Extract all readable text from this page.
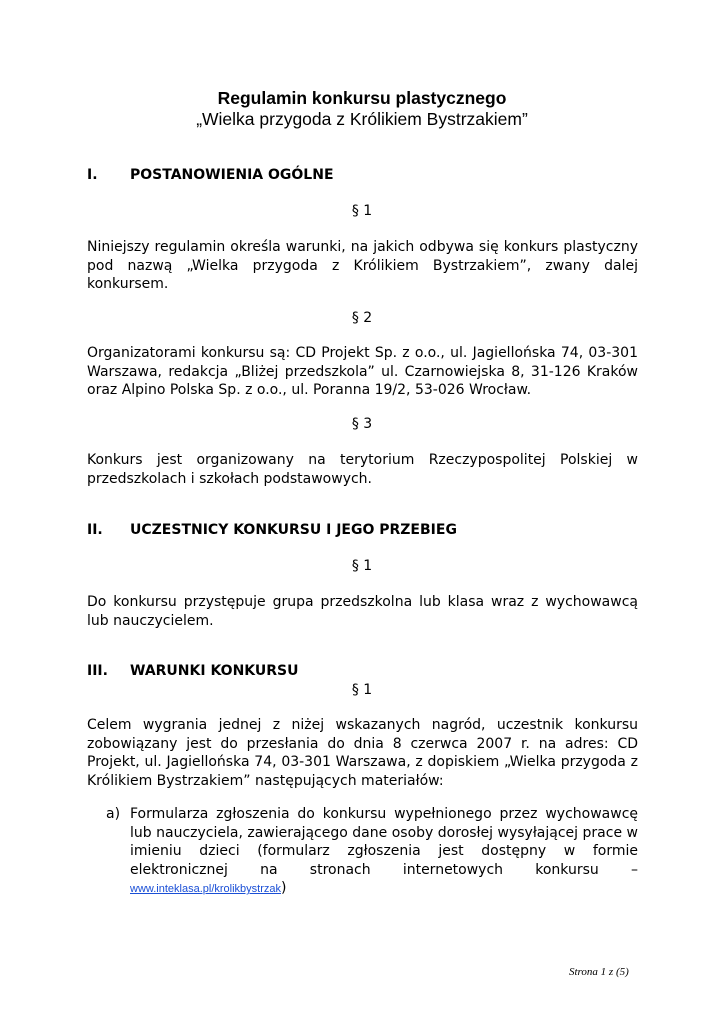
Regulamin konkursu plastycznego
„Wielka przygoda z Królikiem Bystrzakiem”
I. POSTANOWIENIA OGÓLNE
§ 1
Niniejszy regulamin określa warunki, na jakich odbywa się konkurs plastyczny pod nazwą „Wielka przygoda z Królikiem Bystrzakiem”, zwany dalej konkursem.
§ 2
Organizatorami konkursu są: CD Projekt Sp. z o.o., ul. Jagiellońska 74, 03-301 Warszawa, redakcja „Bliżej przedszkola” ul. Czarnowiejska 8, 31-126 Kraków oraz Alpino Polska Sp. z o.o., ul. Poranna 19/2, 53-026 Wrocław.
§ 3
Konkurs jest organizowany na terytorium Rzeczypospolitej Polskiej w przedszkolach i szkołach podstawowych.
II. UCZESTNICY KONKURSU I JEGO PRZEBIEG
§ 1
Do konkursu przystępuje grupa przedszkolna lub klasa wraz z wychowawcą lub nauczycielem.
III. WARUNKI KONKURSU
§ 1
Celem wygrania jednej z niżej wskazanych nagród, uczestnik konkursu zobowiązany jest do przesłania do dnia 8 czerwca 2007 r. na adres: CD Projekt, ul. Jagiellońska 74, 03-301 Warszawa, z dopiskiem „Wielka przygoda z Królikiem Bystrzakiem” następujących materiałów:
a) Formularza zgłoszenia do konkursu wypełnionego przez wychowawcę lub nauczyciela, zawierającego dane osoby dorosłej wysyłającej prace w imieniu dzieci (formularz zgłoszenia jest dostępny w formie elektronicznej na stronach internetowych konkursu – www.inteklasa.pl/krolikbystrzak)
Strona 1 z (5)
